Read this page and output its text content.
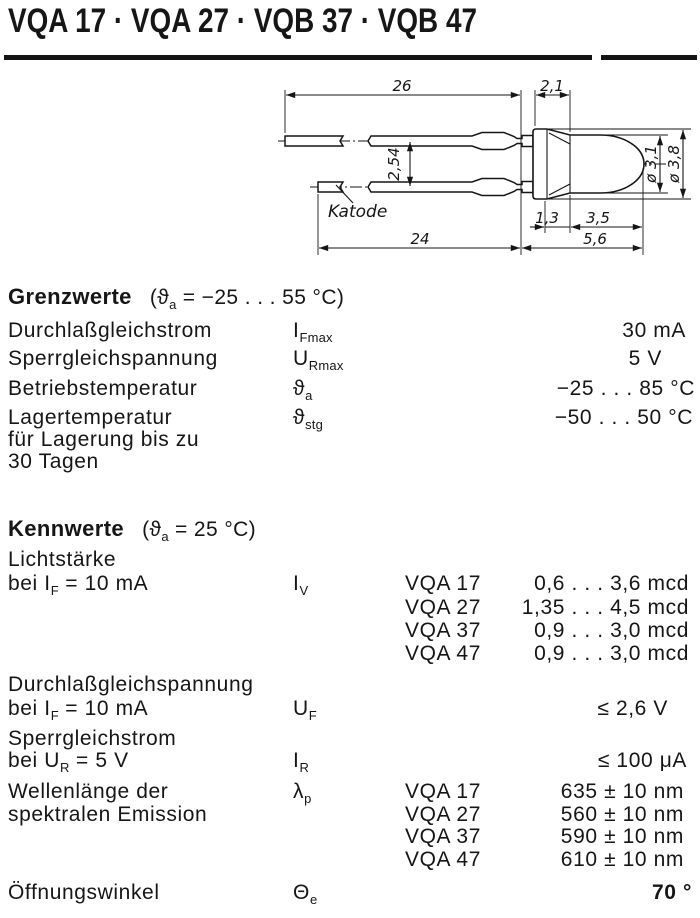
VQA 17 · VQA 27 · VQB 37 · VQB 47
26	2,1
2,54
24
1,3 3,5
5,6
ø 3,1 ø 3,8
Katode
Grenzwerte ($ϑ_a = -25$ . . . 55 °C)
Durchlaßgleichstrom	$I_{Fmax}$	30 mA
Sperrgleichspannung	$U_{Rmax}$	5 V
Betriebstemperatur	$ϑ_a$	−25 . . . 85 °C
Lagertemperatur	$ϑ_{stg}$	−50 . . . 50 °C
für Lagerung bis zu
30 Tagen
Kennwerte ($ϑ_a = 25$ °C)
Lichtstärke
bei $I_F = 10$ mA	$I_V$	VQA 17	0,6 . . . 3,6 mcd
VQA 27	1,35 . . . 4,5 mcd
VQA 37	0,9 . . . 3,0 mcd
VQA 47	0,9 . . . 3,0 mcd
Durchlaßgleichspannung
bei $I_F = 10$ mA	$U_F$	≤ 2,6 V
Sperrgleichstrom
bei $U_R = 5$ V	$I_R$	≤ 100 μA
Wellenlänge der	$\lambda_p$	VQA 17	635 ± 10 nm
spektralen Emission	VQA 27	560 ± 10 nm
VQA 37	590 ± 10 nm
VQA 47	610 ± 10 nm
Öffnungswinkel	$\Theta_e$	70 °
